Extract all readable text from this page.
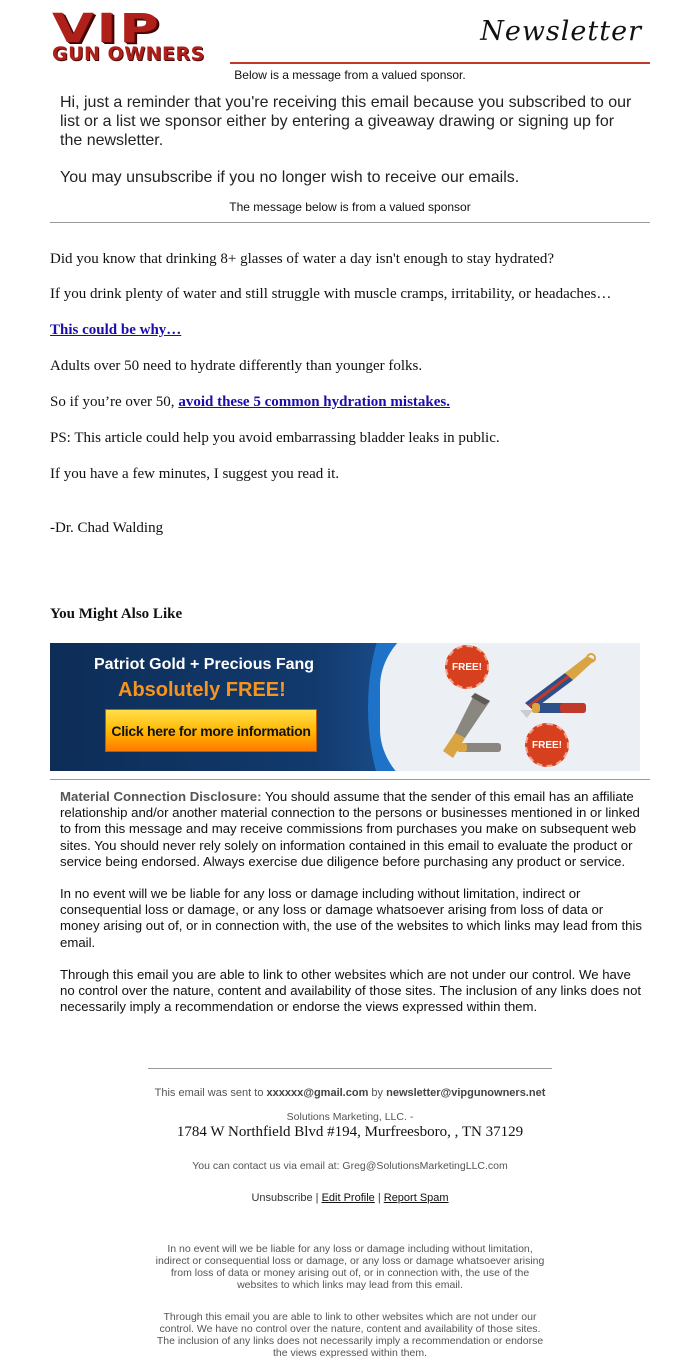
VIP
GUN OWNERS
Newsletter
Below is a message from a valued sponsor.

Hi, just a reminder that you're receiving this email because you subscribed to our list or a list we sponsor either by entering a giveaway drawing or signing up for the newsletter.

You may unsubscribe if you no longer wish to receive our emails.

The message below is from a valued sponsor

Did you know that drinking 8+ glasses of water a day isn't enough to stay hydrated?

If you drink plenty of water and still struggle with muscle cramps, irritability, or headaches…

This could be why…

Adults over 50 need to hydrate differently than younger folks.

So if you’re over 50, avoid these 5 common hydration mistakes.

PS: This article could help you avoid embarrassing bladder leaks in public.

If you have a few minutes, I suggest you read it.

-Dr. Chad Walding

You Might Also Like
Patriot Gold + Precious Fang
Absolutely FREE!
Click here for more information
FREE!
FREE!

Material Connection Disclosure: You should assume that the sender of this email has an affiliate relationship and/or another material connection to the persons or businesses mentioned in or linked to from this message and may receive commissions from purchases you make on subsequent web sites. You should never rely solely on information contained in this email to evaluate the product or service being endorsed. Always exercise due diligence before purchasing any product or service.

In no event will we be liable for any loss or damage including without limitation, indirect or consequential loss or damage, or any loss or damage whatsoever arising from loss of data or money arising out of, or in connection with, the use of the websites to which links may lead from this email.

Through this email you are able to link to other websites which are not under our control. We have no control over the nature, content and availability of those sites. The inclusion of any links does not necessarily imply a recommendation or endorse the views expressed within them.

This email was sent to xxxxxx@gmail.com by newsletter@vipgunowners.net
Solutions Marketing, LLC. -
1784 W Northfield Blvd #194, Murfreesboro, , TN 37129
You can contact us via email at: Greg@SolutionsMarketingLLC.com
Unsubscribe | Edit Profile | Report Spam
In no event will we be liable for any loss or damage including without limitation, indirect or consequential loss or damage, or any loss or damage whatsoever arising from loss of data or money arising out of, or in connection with, the use of the websites to which links may lead from this email.
Through this email you are able to link to other websites which are not under our control. We have no control over the nature, content and availability of those sites. The inclusion of any links does not necessarily imply a recommendation or endorse the views expressed within them.
